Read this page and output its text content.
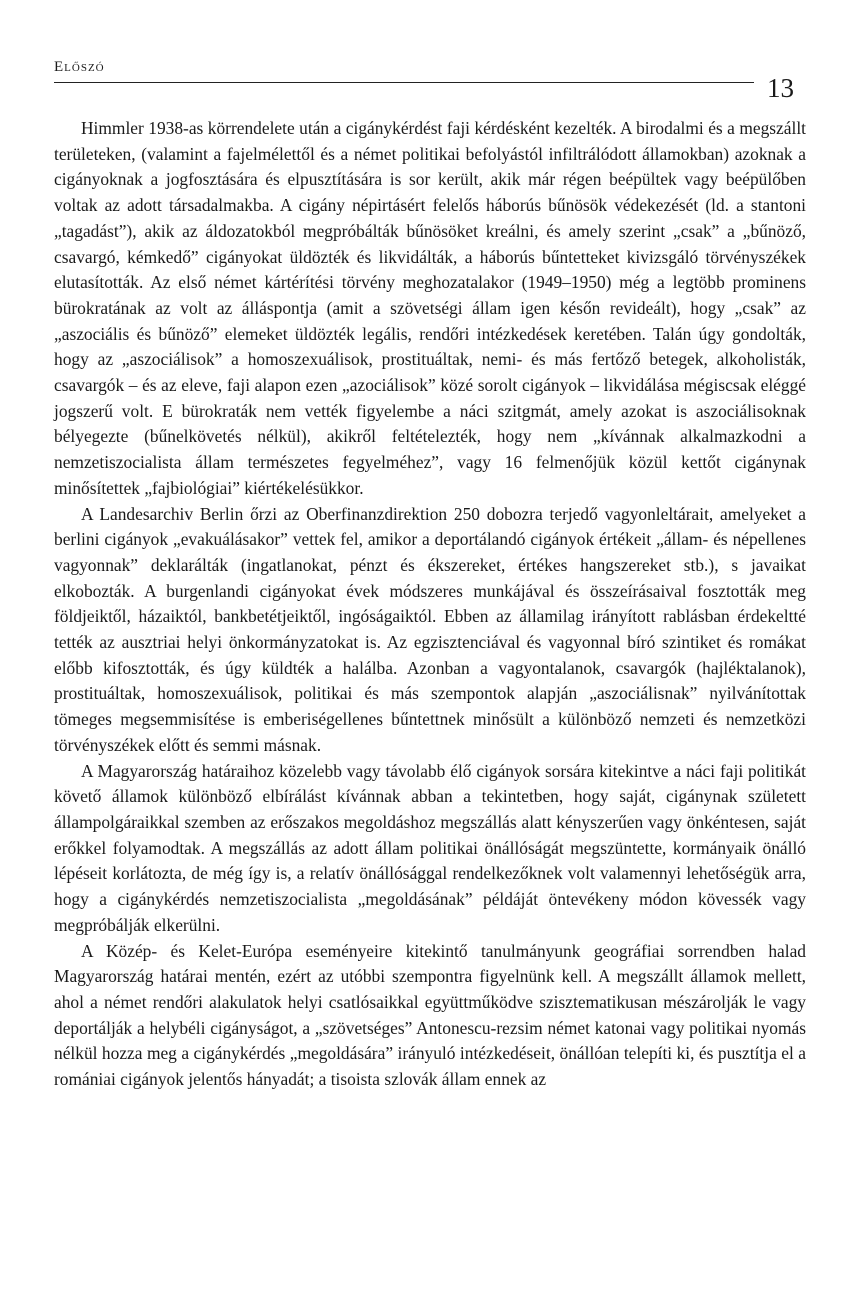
Előszó
13

Himmler 1938-as körrendelete után a cigánykérdést faji kérdésként kezelték. A birodalmi és a megszállt területeken, (valamint a fajelmélettől és a német politikai befolyástól infiltrálódott államokban) azoknak a cigányoknak a jogfosztására és elpusztítására is sor került, akik már régen beépültek vagy beépülőben voltak az adott társadalmakba. A cigány népirtásért felelős háborús bűnösök védekezését (ld. a stantoni „tagadást”), akik az áldozatokból megpróbálták bűnösöket kreálni, és amely szerint „csak” a „bűnöző, csavargó, kémkedő” cigányokat üldözték és likvidálták, a háborús bűntetteket kivizsgáló törvényszékek elutasították. Az első német kártérítési törvény meghozatalakor (1949–1950) még a legtöbb prominens bürokratának az volt az álláspontja (amit a szövetségi állam igen későn revideált), hogy „csak” az „aszociális és bűnöző” elemeket üldözték legális, rendőri intézkedések keretében. Talán úgy gondolták, hogy az „aszociálisok” a homoszexuálisok, prostituáltak, nemi- és más fertőző betegek, alkoholisták, csavargók – és az eleve, faji alapon ezen „azociálisok” közé sorolt cigányok – likvidálása mégiscsak eléggé jogszerű volt. E bürokraták nem vették figyelembe a náci szitgmát, amely azokat is aszociálisoknak bélyegezte (bűnelkövetés nélkül), akikről feltételezték, hogy nem „kívánnak alkalmazkodni a nemzetiszocialista állam természetes fegyelméhez”, vagy 16 felmenőjük közül kettőt cigánynak minősítettek „fajbiológiai” kiértékelésükkor.

A Landesarchiv Berlin őrzi az Oberfinanzdirektion 250 dobozra terjedő vagyonleltárait, amelyeket a berlini cigányok „evakuálásakor” vettek fel, amikor a deportálandó cigányok értékeit „állam- és népellenes vagyonnak” deklarálták (ingatlanokat, pénzt és ékszereket, értékes hangszereket stb.), s javaikat elkobozták. A burgenlandi cigányokat évek módszeres munkájával és összeírásaival fosztották meg földjeiktől, házaiktól, bankbetétjeiktől, ingóságaiktól. Ebben az államilag irányított rablásban érdekeltté tették az ausztriai helyi önkormányzatokat is. Az egzisztenciával és vagyonnal bíró szintiket és romákat előbb kifosztották, és úgy küldték a halálba. Azonban a vagyontalanok, csavargók (hajléktalanok), prostituáltak, homoszexuálisok, politikai és más szempontok alapján „aszociálisnak” nyilvánítottak tömeges megsemmisítése is emberiségellenes bűntettnek minősült a különböző nemzeti és nemzetközi törvényszékek előtt és semmi másnak.

A Magyarország határaihoz közelebb vagy távolabb élő cigányok sorsára kitekintve a náci faji politikát követő államok különböző elbírálást kívánnak abban a tekintetben, hogy saját, cigánynak született állampolgáraikkal szemben az erőszakos megoldáshoz megszállás alatt kényszerűen vagy önkéntesen, saját erőkkel folyamodtak. A megszállás az adott állam politikai önállóságát megszüntette, kormányaik önálló lépéseit korlátozta, de még így is, a relatív önállósággal rendelkezőknek volt valamennyi lehetőségük arra, hogy a cigánykérdés nemzetiszocialista „megoldásának” példáját öntevékeny módon kövessék vagy megpróbálják elkerülni.

A Közép- és Kelet-Európa eseményeire kitekintő tanulmányunk geográfiai sorrendben halad Magyarország határai mentén, ezért az utóbbi szempontra figyelnünk kell. A megszállt államok mellett, ahol a német rendőri alakulatok helyi csatlósaikkal együttműködve szisztematikusan mészárolják le vagy deportálják a helybéli cigányságot, a „szövetséges” Antonescu-rezsim német katonai vagy politikai nyomás nélkül hozza meg a cigánykérdés „megoldására” irányuló intézkedéseit, önállóan telepíti ki, és pusztítja el a romániai cigányok jelentős hányadát; a tisoista szlovák állam ennek az
